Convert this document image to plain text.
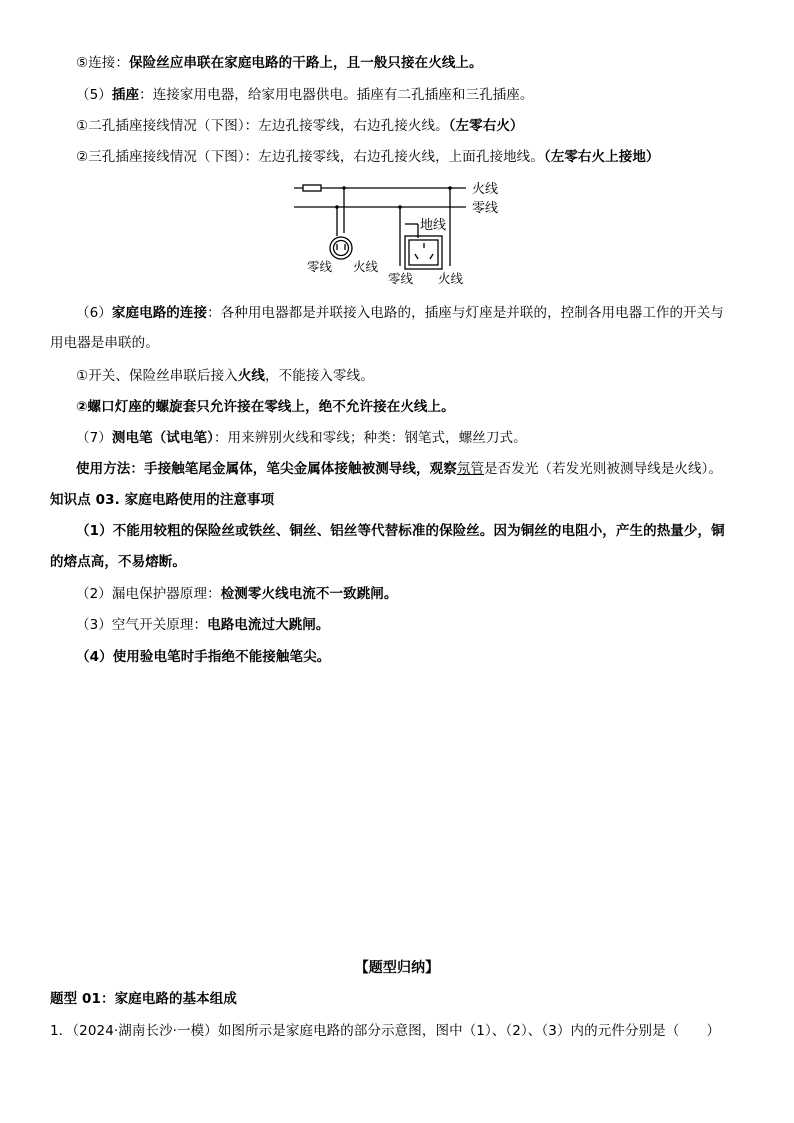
⑤连接：保险丝应串联在家庭电路的干路上，且一般只接在火线上。
（5）插座：连接家用电器，给家用电器供电。插座有二孔插座和三孔插座。
①二孔插座接线情况（下图）：左边孔接零线，右边孔接火线。（左零右火）
②三孔插座接线情况（下图）：左边孔接零线，右边孔接火线，上面孔接地线。（左零右火上接地）
火线
零线
地线
零线 火线
零线 火线
（6）家庭电路的连接：各种用电器都是并联接入电路的，插座与灯座是并联的，控制各用电器工作的开关与
用电器是串联的。
①开关、保险丝串联后接入火线，不能接入零线。
②螺口灯座的螺旋套只允许接在零线上，绝不允许接在火线上。
（7）测电笔（试电笔）：用来辨别火线和零线；种类：钢笔式，螺丝刀式。
使用方法：手接触笔尾金属体，笔尖金属体接触被测导线，观察氖管是否发光（若发光则被测导线是火线）。
知识点 03. 家庭电路使用的注意事项
（1）不能用较粗的保险丝或铁丝、铜丝、铝丝等代替标准的保险丝。因为铜丝的电阻小，产生的热量少，铜
的熔点高，不易熔断。
（2）漏电保护器原理：检测零火线电流不一致跳闸。
（3）空气开关原理：电路电流过大跳闸。
（4）使用验电笔时手指绝不能接触笔尖。
【题型归纳】
题型 01：家庭电路的基本组成
1．（2024·湖南长沙·一模）如图所示是家庭电路的部分示意图，图中（1）、（2）、（3）内的元件分别是（　　）
